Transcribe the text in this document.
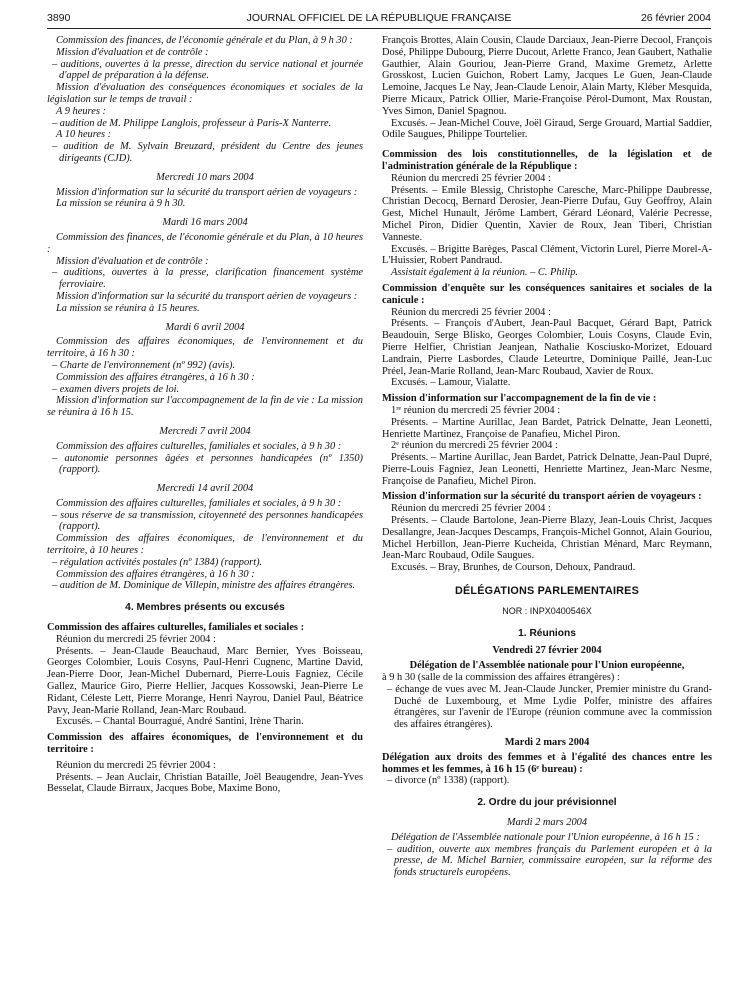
3890	JOURNAL OFFICIEL DE LA RÉPUBLIQUE FRANÇAISE	26 février 2004

Commission des finances, de l'économie générale et du Plan, à 9 h 30 :

Mission d'évaluation et de contrôle :

– auditions, ouvertes à la presse, direction du service national et journée d'appel de préparation à la défense.

Mission d'évaluation des conséquences économiques et sociales de la législation sur le temps de travail :

A 9 heures :

– audition de M. Philippe Langlois, professeur à Paris-X Nanterre.

A 10 heures :

– audition de M. Sylvain Breuzard, président du Centre des jeunes dirigeants (CJD).

Mercredi 10 mars 2004

Mission d'information sur la sécurité du transport aérien de voyageurs :

La mission se réunira à 9 h 30.

Mardi 16 mars 2004

Commission des finances, de l'économie générale et du Plan, à 10 heures :

Mission d'évaluation et de contrôle :

– auditions, ouvertes à la presse, clarification financement système ferroviaire.

Mission d'information sur la sécurité du transport aérien de voyageurs :

La mission se réunira à 15 heures.

Mardi 6 avril 2004

Commission des affaires économiques, de l'environnement et du territoire, à 16 h 30 :

– Charte de l'environnement (nº 992) (avis).

Commission des affaires étrangères, à 16 h 30 :

– examen divers projets de loi.

Mission d'information sur l'accompagnement de la fin de vie : La mission se réunira à 16 h 15.

Mercredi 7 avril 2004

Commission des affaires culturelles, familiales et sociales, à 9 h 30 :

– autonomie personnes âgées et personnes handicapées (nº 1350) (rapport).

Mercredi 14 avril 2004

Commission des affaires culturelles, familiales et sociales, à 9 h 30 :

– sous réserve de sa transmission, citoyenneté des personnes handicapées (rapport).

Commission des affaires économiques, de l'environnement et du territoire, à 10 heures :

– régulation activités postales (nº 1384) (rapport).

Commission des affaires étrangères, à 16 h 30 :

– audition de M. Dominique de Villepin, ministre des affaires étrangères.

4. Membres présents ou excusés

Commission des affaires culturelles, familiales et sociales :

Réunion du mercredi 25 février 2004 :

Présents. – Jean-Claude Beauchaud, Marc Bernier, Yves Boisseau, Georges Colombier, Louis Cosyns, Paul-Henri Cugnenc, Martine David, Jean-Pierre Door, Jean-Michel Dubernard, Pierre-Louis Fagniez, Cécile Gallez, Maurice Giro, Pierre Hellier, Jacques Kossowski, Jean-Pierre Le Ridant, Céleste Lett, Pierre Morange, Henri Nayrou, Daniel Paul, Béatrice Pavy, Jean-Marie Rolland, Jean-Marc Roubaud.

Excusés. – Chantal Bourragué, André Santini, Irène Tharin.

Commission des affaires économiques, de l'environnement et du territoire :

Réunion du mercredi 25 février 2004 :

Présents. – Jean Auclair, Christian Bataille, Joël Beaugendre, Jean-Yves Besselat, Claude Birraux, Jacques Bobe, Maxime Bono,

François Brottes, Alain Cousin, Claude Darciaux, Jean-Pierre Decool, François Dosé, Philippe Dubourg, Pierre Ducout, Arlette Franco, Jean Gaubert, Nathalie Gauthier, Alain Gouriou, Jean-Pierre Grand, Maxime Gremetz, Arlette Grosskost, Lucien Guichon, Robert Lamy, Jacques Le Guen, Jean-Claude Lemoine, Jacques Le Nay, Jean-Claude Lenoir, Alain Marty, Kléber Mesquida, Pierre Micaux, Patrick Ollier, Marie-Françoise Pérol-Dumont, Max Roustan, Yves Simon, Daniel Spagnou.

Excusés. – Jean-Michel Couve, Joël Giraud, Serge Grouard, Martial Saddier, Odile Saugues, Philippe Tourtelier.

Commission des lois constitutionnelles, de la législation et de l'administration générale de la République :

Réunion du mercredi 25 février 2004 :

Présents. – Emile Blessig, Christophe Caresche, Marc-Philippe Daubresse, Christian Decocq, Bernard Derosier, Jean-Pierre Dufau, Guy Geoffroy, Alain Gest, Michel Hunault, Jérôme Lambert, Gérard Léonard, Valérie Pecresse, Michel Piron, Didier Quentin, Xavier de Roux, Jean Tiberi, Christian Vanneste.

Excusés. – Brigitte Barèges, Pascal Clément, Victorin Lurel, Pierre Morel-A-L'Huissier, Robert Pandraud.

Assistait également à la réunion. – C. Philip.

Commission d'enquête sur les conséquences sanitaires et sociales de la canicule :

Réunion du mercredi 25 février 2004 :

Présents. – François d'Aubert, Jean-Paul Bacquet, Gérard Bapt, Patrick Beaudouin, Serge Blisko, Georges Colombier, Louis Cosyns, Claude Evin, Pierre Helfier, Christian Jeanjean, Nathalie Kosciusko-Morizet, Edouard Landrain, Pierre Lasbordes, Claude Leteurtre, Dominique Paillé, Jean-Luc Préel, Jean-Marie Rolland, Jean-Marc Roubaud, Xavier de Roux.

Excusés. – Lamour, Vialatte.

Mission d'information sur l'accompagnement de la fin de vie :

1ʳᵉ réunion du mercredi 25 février 2004 :

Présents. – Martine Aurillac, Jean Bardet, Patrick Delnatte, Jean Leonetti, Henriette Martinez, Françoise de Panafieu, Michel Piron.

2ᵉ réunion du mercredi 25 février 2004 :

Présents. – Martine Aurillac, Jean Bardet, Patrick Delnatte, Jean-Paul Dupré, Pierre-Louis Fagniez, Jean Leonetti, Henriette Martinez, Jean-Marc Nesme, Françoise de Panafieu, Michel Piron.

Mission d'information sur la sécurité du transport aérien de voyageurs :

Réunion du mercredi 25 février 2004 :

Présents. – Claude Bartolone, Jean-Pierre Blazy, Jean-Louis Christ, Jacques Desallangre, Jean-Jacques Descamps, François-Michel Gonnot, Alain Gouriou, Michel Herbillon, Jean-Pierre Kucheida, Christian Ménard, Marc Reymann, Jean-Marc Roubaud, Odile Saugues.

Excusés. – Bray, Brunhes, de Courson, Dehoux, Pandraud.

DÉLÉGATIONS PARLEMENTAIRES

NOR : INPX0400546X

1. Réunions

Vendredi 27 février 2004

Délégation de l'Assemblée nationale pour l'Union européenne,

à 9 h 30 (salle de la commission des affaires étrangères) :

– échange de vues avec M. Jean-Claude Juncker, Premier ministre du Grand-Duché de Luxembourg, et Mme Lydie Polfer, ministre des affaires étrangères, sur l'avenir de l'Europe (réunion commune avec la commission des affaires étrangères).

Mardi 2 mars 2004

Délégation aux droits des femmes et à l'égalité des chances entre les hommes et les femmes, à 16 h 15 (6ᵉ bureau) :

– divorce (nº 1338) (rapport).

2. Ordre du jour prévisionnel

Mardi 2 mars 2004

Délégation de l'Assemblée nationale pour l'Union européenne, à 16 h 15 :

– audition, ouverte aux membres français du Parlement européen et à la presse, de M. Michel Barnier, commissaire européen, sur la réforme des fonds structurels européens.
